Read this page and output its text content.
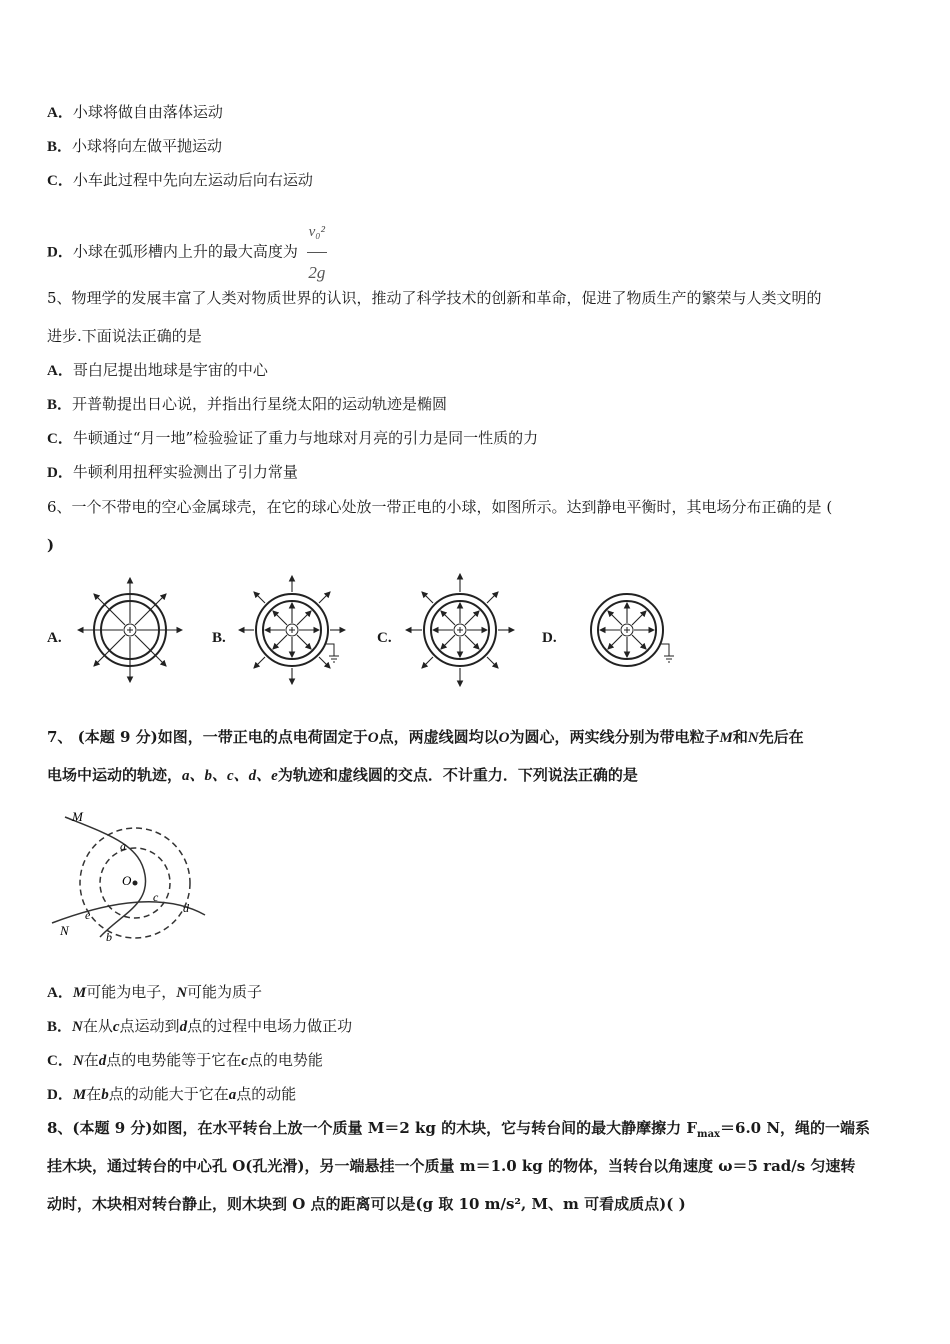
A．小球将做自由落体运动
B．小球将向左做平抛运动
C．小车此过程中先向左运动后向右运动
D．小球在弧形槽内上升的最大高度为 $\frac{\text{v₀²}}{2g}$
5、物理学的发展丰富了人类对物质世界的认识，推动了科学技术的创新和革命，促进了物质生产的繁荣与人类文明的
进步.下面说法正确的是
A．哥白尼提出地球是宇宙的中心
B．开普勒提出日心说，并指出行星绕太阳的运动轨迹是椭圆
C．牛顿通过“月一地”检验验证了重力与地球对月亮的引力是同一性质的力
D．牛顿利用扭秤实验测出了引力常量
6、一个不带电的空心金属球壳，在它的球心处放一带正电的小球，如图所示。达到静电平衡时，其电场分布正确的是 (
)
A.	B.	C.	D.
7、 (本题 9 分)如图，一带正电的点电荷固定于O点，两虚线圆均以O为圆心，两实线分别为带电粒子M和N先后在
电场中运动的轨迹，a、b、c、d、e为轨迹和虚线圆的交点．不计重力．下列说法正确的是
M
N
O
a
b
c
d
e
A．M可能为电子，N可能为质子
B．N在从c点运动到d点的过程中电场力做正功
C．N在d点的电势能等于它在c点的电势能
D．M在b点的动能大于它在a点的动能
8、(本题 9 分)如图，在水平转台上放一个质量 M＝2 kg 的木块，它与转台间的最大静摩擦力 $F_{max}=6.0$ N，绳的一端系
挂木块，通过转台的中心孔 O(孔光滑)，另一端悬挂一个质量 m＝1.0 kg 的物体，当转台以角速度 ω＝5 rad/s 匀速转
动时，木块相对转台静止，则木块到 O 点的距离可以是(g 取 10 m/s², M、m 可看成质点)( )
